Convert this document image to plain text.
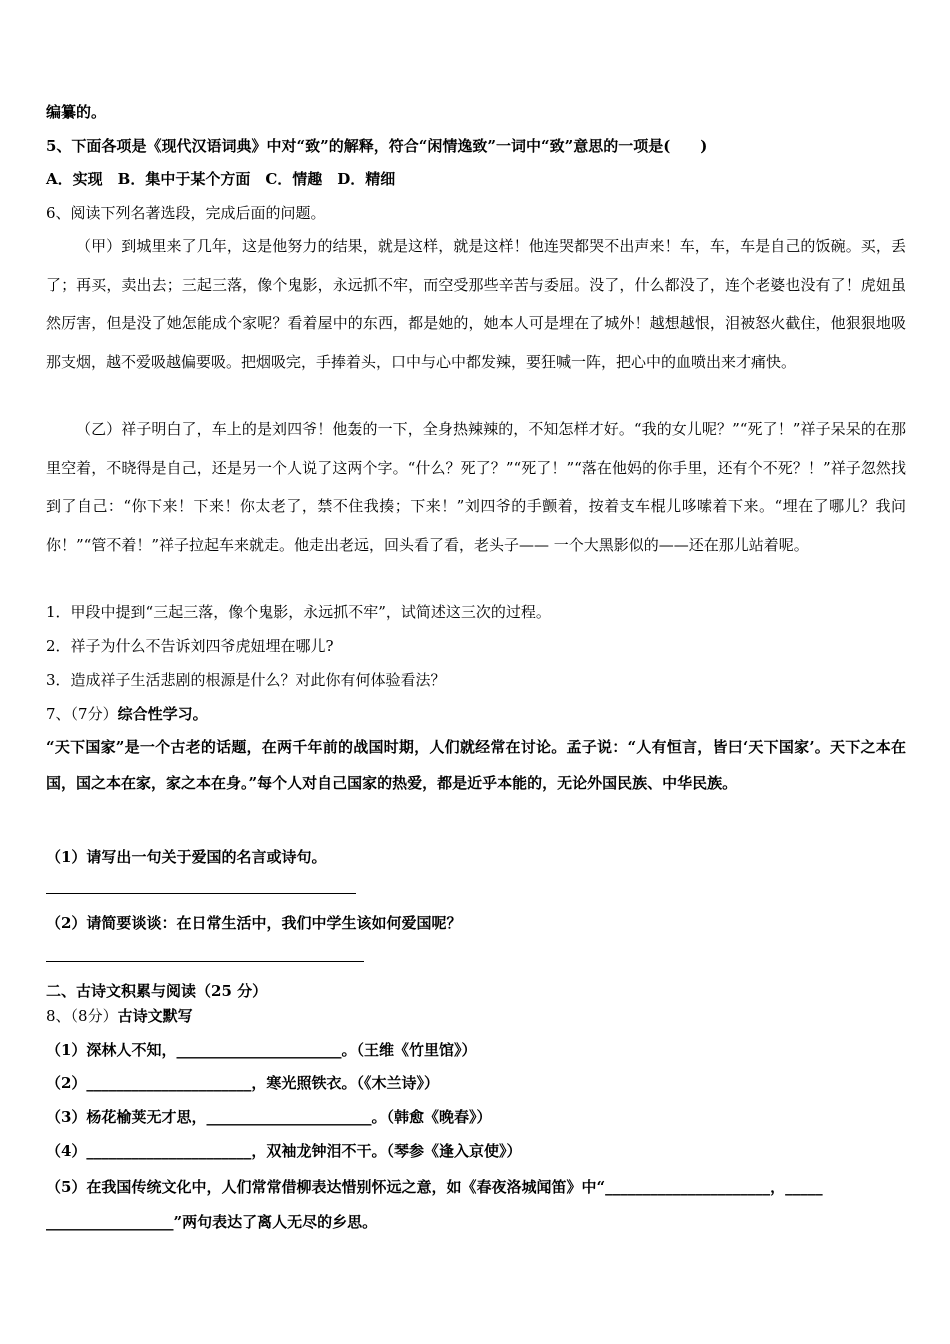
编纂的。
5、下面各项是《现代汉语词典》中对“致”的解释，符合“闲情逸致”一词中“致”意思的一项是(　　)
A．实现　B．集中于某个方面　C．情趣　D．精细
6、阅读下列名著选段，完成后面的问题。
（甲）到城里来了几年，这是他努力的结果，就是这样，就是这样！他连哭都哭不出声来！车，车，车是自己的饭碗。买，丢了；再买，卖出去；三起三落，像个鬼影，永远抓不牢，而空受那些辛苦与委屈。没了，什么都没了，连个老婆也没有了！虎妞虽然厉害，但是没了她怎能成个家呢？看着屋中的东西，都是她的，她本人可是埋在了城外！越想越恨，泪被怒火截住，他狠狠地吸那支烟，越不爱吸越偏要吸。把烟吸完，手捧着头，口中与心中都发辣，要狂喊一阵，把心中的血喷出来才痛快。
（乙）祥子明白了，车上的是刘四爷！他轰的一下，全身热辣辣的，不知怎样才好。“我的女儿呢？”“死了！”祥子呆呆的在那里空着，不晓得是自己，还是另一个人说了这两个字。“什么？死了？”“死了！”“落在他妈的你手里，还有个不死？！”祥子忽然找到了自己：“你下来！下来！你太老了，禁不住我揍；下来！”刘四爷的手颤着，按着支车棍儿哆嗦着下来。“埋在了哪儿？我问你！”“管不着！”祥子拉起车来就走。他走出老远，回头看了看，老头子—— 一个大黑影似的——还在那儿站着呢。
1．甲段中提到“三起三落，像个鬼影，永远抓不牢”，试简述这三次的过程。
2．祥子为什么不告诉刘四爷虎妞埋在哪儿?
3．造成祥子生活悲剧的根源是什么？对此你有何体验看法？
7、（7分）综合性学习。
“天下国家”是一个古老的话题，在两千年前的战国时期，人们就经常在讨论。孟子说：“人有恒言，皆曰‘天下国家’。天下之本在国，国之本在家，家之本在身。”每个人对自己国家的热爱，都是近乎本能的，无论外国民族、中华民族。
（1）请写出一句关于爱国的名言或诗句。
（2）请简要谈谈：在日常生活中，我们中学生该如何爱国呢？
二、古诗文积累与阅读（25 分）
8、（8分）古诗文默写
（1）深林人不知，______________________。（王维《竹里馆》）
（2）______________________，寒光照铁衣。（《木兰诗》）
（3）杨花榆荚无才思，______________________。（韩愈《晚春》）
（4）______________________，双袖龙钟泪不干。（琴参《逢入京使》）
（5）在我国传统文化中，人们常常借柳表达惜别怀远之意，如《春夜洛城闻笛》中“______________________，_____
_________________”两句表达了离人无尽的乡思。
